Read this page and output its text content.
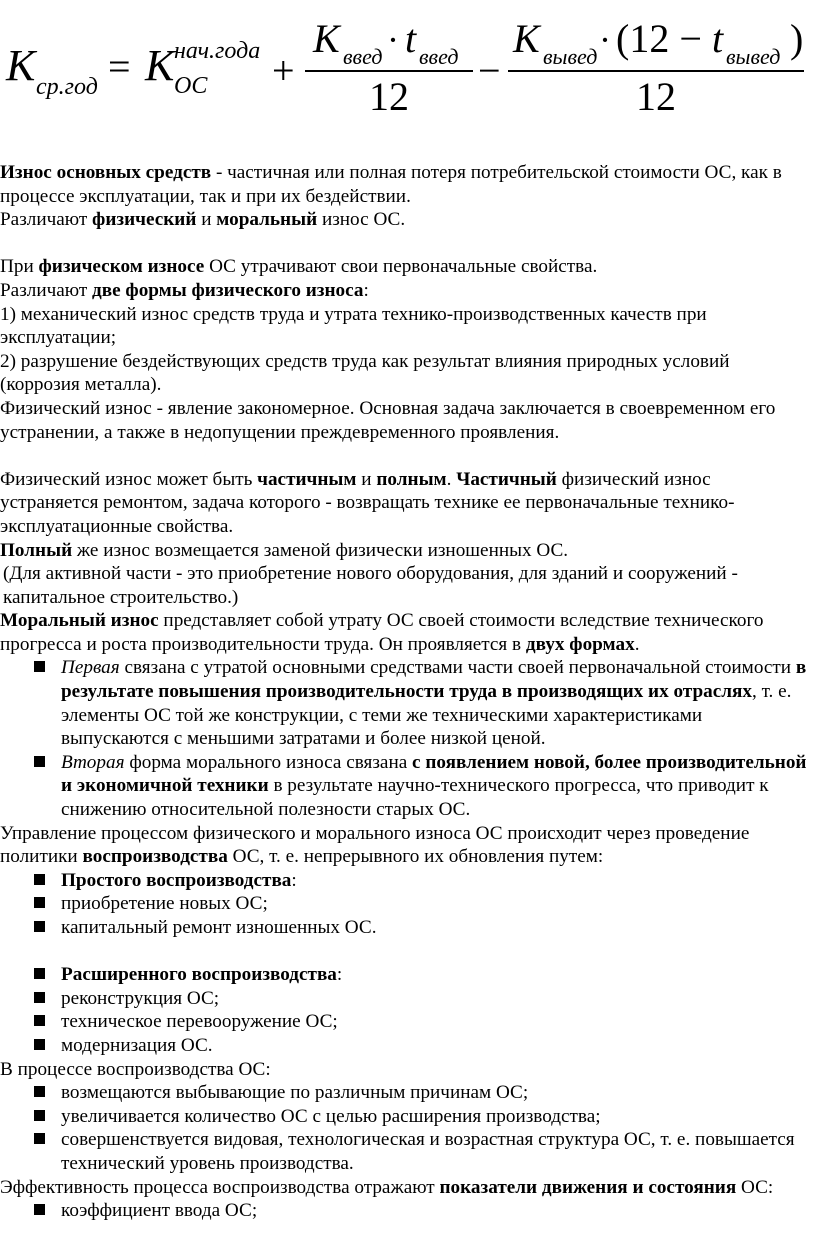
K ср.год = K нач.года
ОС +
K введ · t введ
12
−
K вывед · (12 − t вывед )
12

Износ основных средств - частичная или полная потеря потребительской стоимости ОС, как в процессе эксплуатации, так и при их бездействии.

Различают физический и моральный износ ОС.

При физическом износе ОС утрачивают свои первоначальные свойства.

Различают две формы физического износа:

1) механический износ средств труда и утрата технико-производственных качеств при эксплуатации;

2) разрушение бездействующих средств труда как результат влияния природных условий (коррозия металла).

Физический износ - явление закономерное. Основная задача заключается в своевременном его устранении, а также в недопущении преждевременного проявления.

Физический износ может быть частичным и полным. Частичный физический износ устраняется ремонтом, задача которого - возвращать технике ее первоначальные технико-эксплуатационные свойства.

Полный же износ возмещается заменой физически изношенных ОС.

(Для активной части - это приобретение нового оборудования, для зданий и сооружений - капитальное строительство.)

Моральный износ представляет собой утрату ОС своей стоимости вследствие технического прогресса и роста производительности труда. Он проявляется в двух формах.

Первая связана с утратой основными средствами части своей первоначальной стоимости в результате повышения производительности труда в производящих их отраслях, т. е. элементы ОС той же конструкции, с теми же техническими характеристиками выпускаются с меньшими затратами и более низкой ценой.
Вторая форма морального износа связана с появлением новой, более производительной и экономичной техники в результате научно-технического прогресса, что приводит к снижению относительной полезности старых ОС.

Управление процессом физического и морального износа ОС происходит через проведение политики воспроизводства ОС, т. е. непрерывного их обновления путем:

Простого воспроизводства:
приобретение новых ОС;
капитальный ремонт изношенных ОС.
Расширенного воспроизводства:
реконструкция ОС;
техническое перевооружение ОС;
модернизация ОС.

В процессе воспроизводства ОС:

возмещаются выбывающие по различным причинам ОС;
увеличивается количество ОС с целью расширения производства;
совершенствуется видовая, технологическая и возрастная структура ОС, т. е. повышается технический уровень производства.

Эффективность процесса воспроизводства отражают показатели движения и состояния ОС:

коэффициент ввода ОС;
